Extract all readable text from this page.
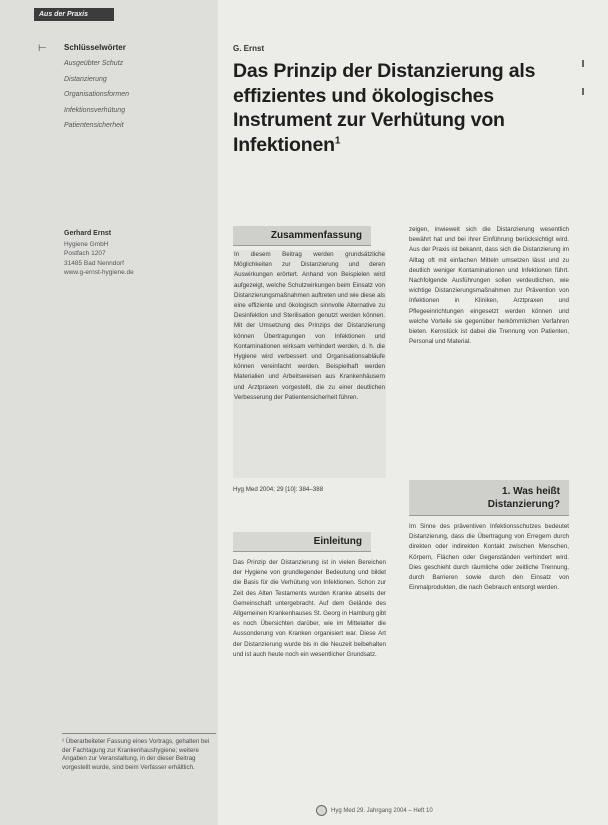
Aus der Praxis
⊢ Schlüsselwörter
Ausgeübter Schutz
Distanzierung
Organisationsformen
Infektionsverhütung
Patientensicherheit
Gerhard Ernst
Hygiene GmbH
Postfach 1207
31485 Bad Nenndorf
www.g-ernst-hygiene.de
¹ Überarbeiteter Fassung eines Vortrags, gehalten bei der Fachtagung zur Krankenhaushygiene; weitere Angaben zur Veranstaltung, in der dieser Beitrag vorgestellt wurde, sind beim Verfasser erhältlich.
G. Ernst
Das Prinzip der Distanzierung als effizientes und ökologisches Instrument zur Verhütung von Infektionen$^1$
Zusammenfassung
In diesem Beitrag werden grundsätzliche Möglichkeiten zur Distanzierung und deren Auswirkungen erörtert. Anhand von Beispielen wird aufgezeigt, welche Schutzwirkungen beim Einsatz von Distanzierungsmaßnahmen auftreten und wie diese als eine effiziente und ökologisch sinnvolle Alternative zu Desinfektion und Sterilisation genutzt werden können. Mit der Umsetzung des Prinzips der Distanzierung können Übertragungen von Infektionen und Kontaminationen wirksam verhindert werden, d. h. die Hygiene wird verbessert und Organisationsabläufe können vereinfacht werden. Beispielhaft werden Materialien und Arbeitsweisen aus Krankenhäusern und Arztpraxen vorgestellt, die zu einer deutlichen Verbesserung der Patientensicherheit führen.
Hyg Med 2004; 29 [10]: 384–388
Einleitung
Das Prinzip der Distanzierung ist in vielen Bereichen der Hygiene von grundlegender Bedeutung und bildet die Basis für die Verhütung von Infektionen. Schon zur Zeit des Alten Testaments wurden Kranke abseits der Gemeinschaft untergebracht. Auf dem Gelände des Allgemeinen Krankenhauses St. Georg in Hamburg gibt es noch Übersichten darüber, wie im Mittelalter die Aussonderung von Kranken organisiert war. Diese Art der Distanzierung wurde bis in die Neuzeit beibehalten und ist auch heute noch ein wesentlicher Grundsatz.
zeigen, inwieweit sich die Distanzierung wesentlich bewährt hat und bei ihrer Einführung berücksichtigt wird. Aus der Praxis ist bekannt, dass sich die Distanzierung im Alltag oft mit einfachen Mitteln umsetzen lässt und zu deutlich weniger Kontaminationen und Infektionen führt. Nachfolgende Ausführungen sollen verdeutlichen, wie wichtige Distanzierungsmaßnahmen zur Prävention von Infektionen in Kliniken, Arztpraxen und Pflegeeinrichtungen eingesetzt werden können und welche Vorteile sie gegenüber herkömmlichen Verfahren bieten. Kernstück ist dabei die Trennung von Patienten, Personal und Material.
1. Was heißt
Distanzierung?
Im Sinne des präventiven Infektionsschutzes bedeutet Distanzierung, dass die Übertragung von Erregern durch direkten oder indirekten Kontakt zwischen Menschen, Körpern, Flächen oder Gegenständen verhindert wird. Dies geschieht durch räumliche oder zeitliche Trennung, durch Barrieren sowie durch den Einsatz von Einmalprodukten, die nach Gebrauch entsorgt werden.
Hyg Med 29. Jahrgang 2004 – Heft 10
